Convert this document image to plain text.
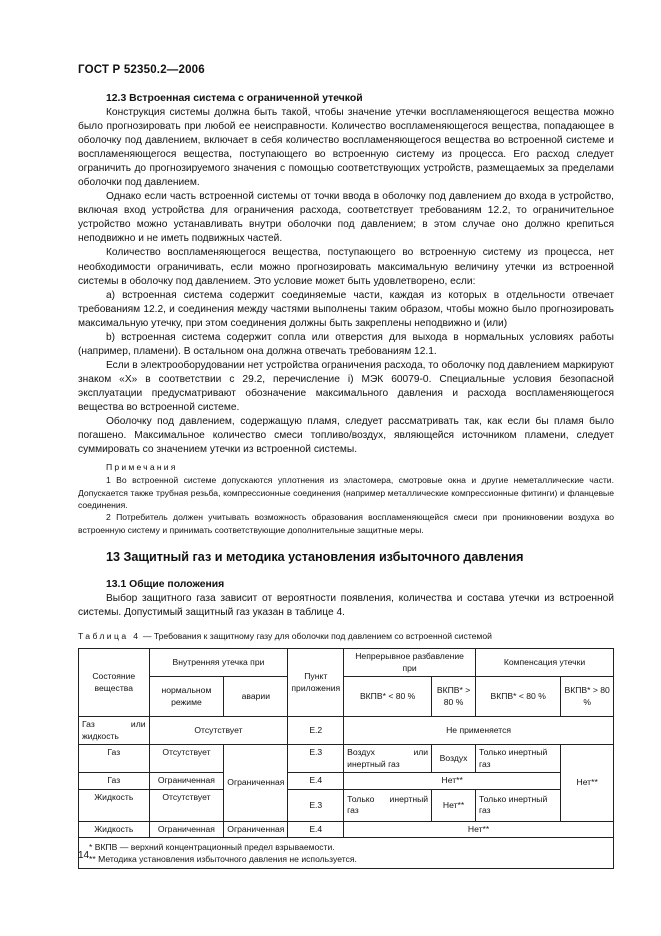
ГОСТ Р 52350.2—2006
12.3 Встроенная система с ограниченной утечкой

Конструкция системы должна быть такой, чтобы значение утечки воспламеняющегося вещества можно было прогнозировать при любой ее неисправности. Количество воспламеняющегося вещества, попадающее в оболочку под давлением, включает в себя количество воспламеняющегося вещества во встроенной системе и воспламеняющегося вещества, поступающего во встроенную систему из процесса. Его расход следует ограничить до прогнозируемого значения с помощью соответствующих устройств, размещаемых за пределами оболочки под давлением.

Однако если часть встроенной системы от точки ввода в оболочку под давлением до входа в устройство, включая вход устройства для ограничения расхода, соответствует требованиям 12.2, то ограничительное устройство можно устанавливать внутри оболочки под давлением; в этом случае оно должно крепиться неподвижно и не иметь подвижных частей.

Количество воспламеняющегося вещества, поступающего во встроенную систему из процесса, нет необходимости ограничивать, если можно прогнозировать максимальную величину утечки из встроенной системы в оболочку под давлением. Это условие может быть удовлетворено, если:

a) встроенная система содержит соединяемые части, каждая из которых в отдельности отвечает требованиям 12.2, и соединения между частями выполнены таким образом, чтобы можно было прогнозировать максимальную утечку, при этом соединения должны быть закреплены неподвижно и (или)

b) встроенная система содержит сопла или отверстия для выхода в нормальных условиях работы (например, пламени). В остальном она должна отвечать требованиям 12.1.

Если в электрооборудовании нет устройства ограничения расхода, то оболочку под давлением маркируют знаком «X» в соответствии с 29.2, перечисление i) МЭК 60079-0. Специальные условия безопасной эксплуатации предусматривают обозначение максимального давления и расхода воспламеняющегося вещества во встроенной системе.

Оболочку под давлением, содержащую пламя, следует рассматривать так, как если бы пламя было погашено. Максимальное количество смеси топливо/воздух, являющейся источником пламени, следует суммировать со значением утечки из встроенной системы.

Примечания
1 Во встроенной системе допускаются уплотнения из эластомера, смотровые окна и другие неметаллические части. Допускается также трубная резьба, компрессионные соединения (например металлические компрессионные фитинги) и фланцевые соединения.
2 Потребитель должен учитывать возможность образования воспламеняющейся смеси при проникновении воздуха во встроенную систему и принимать соответствующие дополнительные защитные меры.
13 Защитный газ и методика установления избыточного давления
13.1 Общие положения

Выбор защитного газа зависит от вероятности появления, количества и состава утечки из встроенной системы. Допустимый защитный газ указан в таблице 4.

Таблица 4 — Требования к защитному газу для оболочки под давлением со встроенной системой
Состояние вещества	Внутренняя утечка при		Пункт приложения	Непрерывное разбавление при		Компенсация утечки	
	нормальном режиме	аварии		ВКПВ* < 80 %	ВКПВ* > 80 %	ВКПВ* < 80 %	ВКПВ* > 80 %
Газ или жидкость	Отсутствует		Е.2	Не применяется			
Газ	Отсутствует	Ограниченная	Е.3	Воздух или инертный газ	Воздух	Только инертный газ	Нет**
Газ	Ограниченная		Е.4	Нет**			
Жидкость	Отсутствует		Е.3	Только инертный газ	Нет**	Только инертный газ	
Жидкость	Ограниченная	Ограниченная	Е.4	Нет**			

* ВКПВ — верхний концентрационный предел взрываемости.
** Методика установления избыточного давления не используется.							
14
